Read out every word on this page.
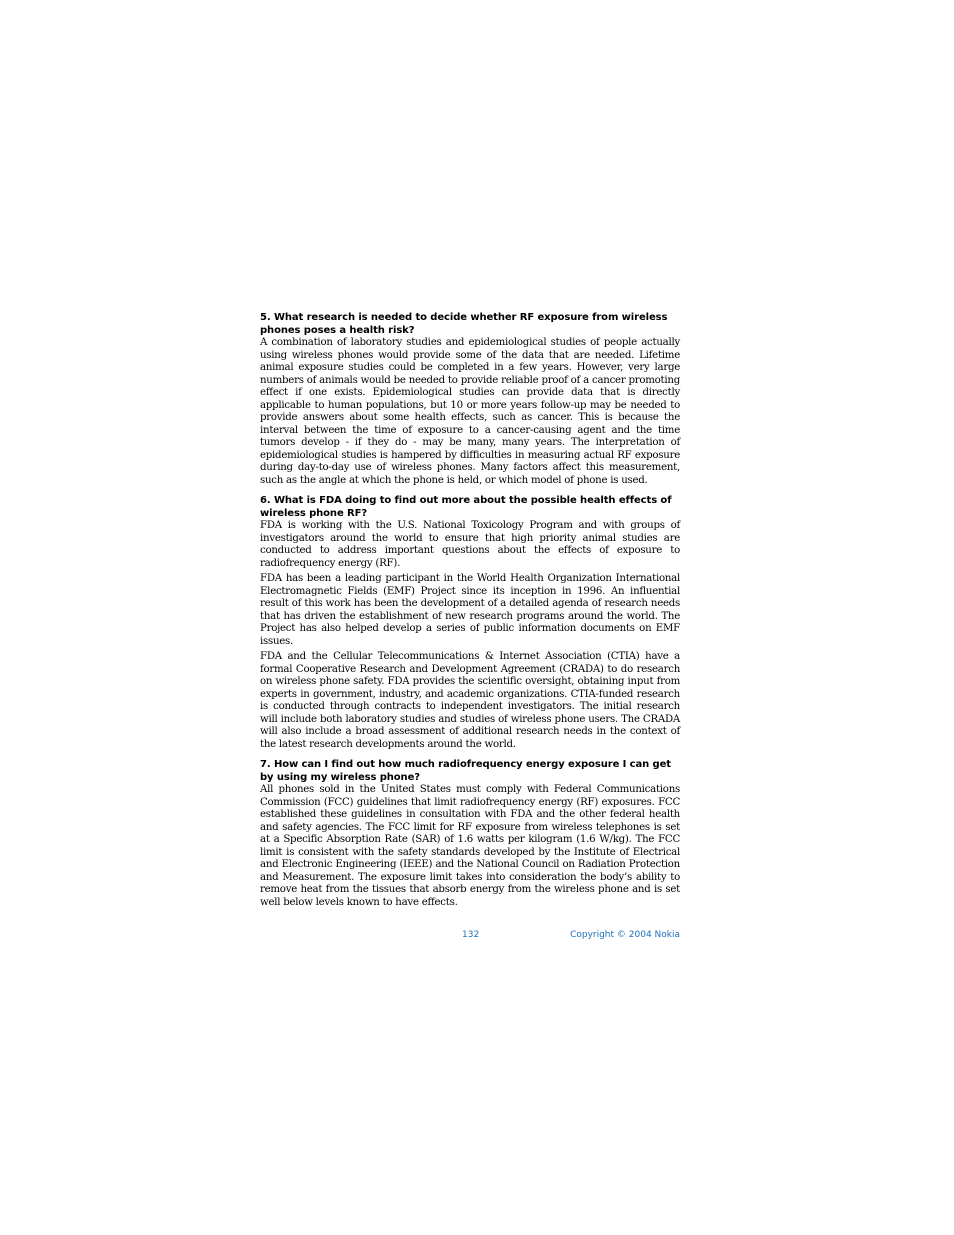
5. What research is needed to decide whether RF exposure from wireless phones poses a health risk?

A combination of laboratory studies and epidemiological studies of people actually using wireless phones would provide some of the data that are needed. Lifetime animal exposure studies could be completed in a few years. However, very large numbers of animals would be needed to provide reliable proof of a cancer promoting effect if one exists. Epidemiological studies can provide data that is directly applicable to human populations, but 10 or more years follow-up may be needed to provide answers about some health effects, such as cancer. This is because the interval between the time of exposure to a cancer-causing agent and the time tumors develop - if they do - may be many, many years. The interpretation of epidemiological studies is hampered by difficulties in measuring actual RF exposure during day-to-day use of wireless phones. Many factors affect this measurement, such as the angle at which the phone is held, or which model of phone is used.

6. What is FDA doing to find out more about the possible health effects of wireless phone RF?

FDA is working with the U.S. National Toxicology Program and with groups of investigators around the world to ensure that high priority animal studies are conducted to address important questions about the effects of exposure to radiofrequency energy (RF).

FDA has been a leading participant in the World Health Organization International Electromagnetic Fields (EMF) Project since its inception in 1996. An influential result of this work has been the development of a detailed agenda of research needs that has driven the establishment of new research programs around the world. The Project has also helped develop a series of public information documents on EMF issues.

FDA and the Cellular Telecommunications & Internet Association (CTIA) have a formal Cooperative Research and Development Agreement (CRADA) to do research on wireless phone safety. FDA provides the scientific oversight, obtaining input from experts in government, industry, and academic organizations. CTIA-funded research is conducted through contracts to independent investigators. The initial research will include both laboratory studies and studies of wireless phone users. The CRADA will also include a broad assessment of additional research needs in the context of the latest research developments around the world.

7. How can I find out how much radiofrequency energy exposure I can get by using my wireless phone?

All phones sold in the United States must comply with Federal Communications Commission (FCC) guidelines that limit radiofrequency energy (RF) exposures. FCC established these guidelines in consultation with FDA and the other federal health and safety agencies. The FCC limit for RF exposure from wireless telephones is set at a Specific Absorption Rate (SAR) of 1.6 watts per kilogram (1.6 W/kg). The FCC limit is consistent with the safety standards developed by the Institute of Electrical and Electronic Engineering (IEEE) and the National Council on Radiation Protection and Measurement. The exposure limit takes into consideration the body’s ability to remove heat from the tissues that absorb energy from the wireless phone and is set well below levels known to have effects.

132	Copyright © 2004 Nokia
